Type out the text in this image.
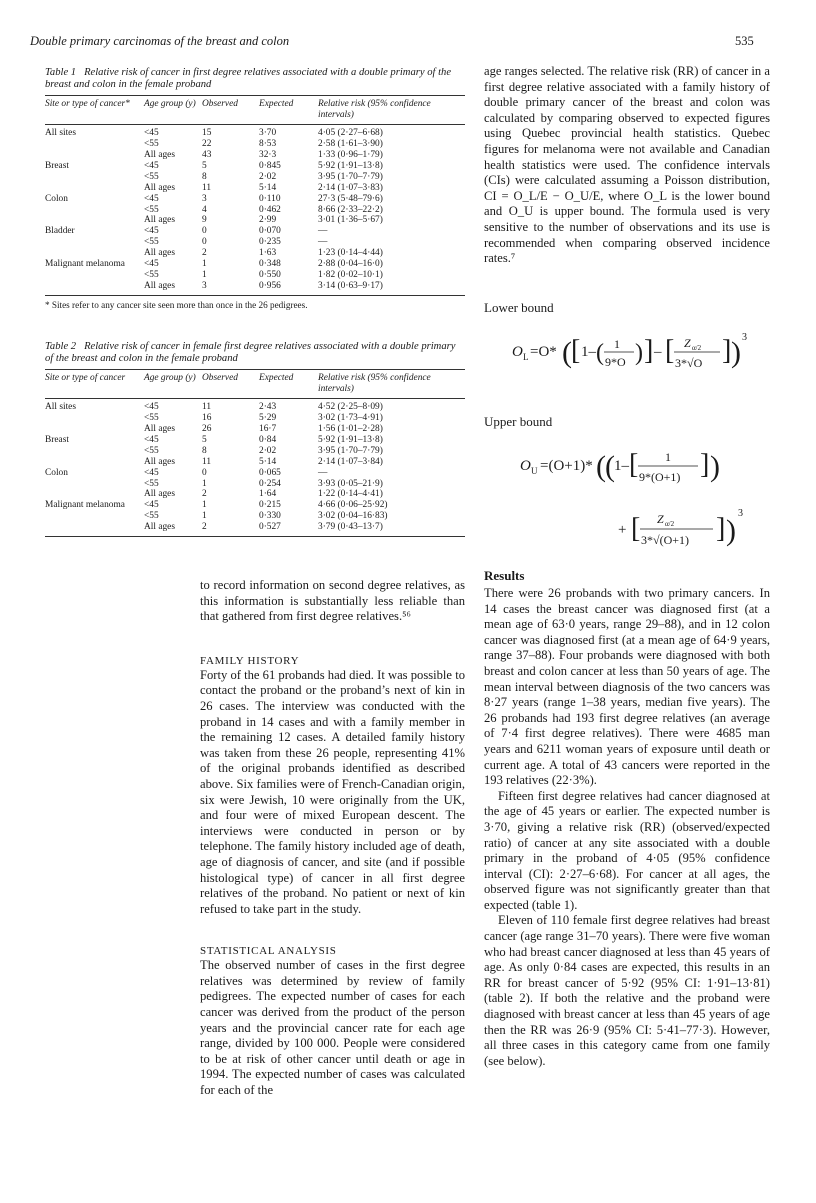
Double primary carcinomas of the breast and colon	535

Table 1 Relative risk of cancer in first degree relatives associated with a double primary of the breast and colon in the female proband

Site or type of cancer*	Age group (y)	Observed	Expected	Relative risk (95% confidence intervals)
All sites	<45	15	3·70	4·05 (2·27–6·68)
	<55	22	8·53	2·58 (1·61–3·90)
	All ages	43	32·3	1·33 (0·96–1·79)
Breast	<45	5	0·845	5·92 (1·91–13·8)
	<55	8	2·02	3·95 (1·70–7·79)
	All ages	11	5·14	2·14 (1·07–3·83)
Colon	<45	3	0·110	27·3 (5·48–79·6)
	<55	4	0·462	8·66 (2·33–22·2)
	All ages	9	2·99	3·01 (1·36–5·67)
Bladder	<45	0	0·070	—
	<55	0	0·235	—
	All ages	2	1·63	1·23 (0·14–4·44)
Malignant melanoma	<45	1	0·348	2·88 (0·04–16·0)
	<55	1	0·550	1·82 (0·02–10·1)
	All ages	3	0·956	3·14 (0·63–9·17)

* Sites refer to any cancer site seen more than once in the 26 pedigrees.

Table 2 Relative risk of cancer in female first degree relatives associated with a double primary of the breast and colon in the female proband

Site or type of cancer	Age group (y)	Observed	Expected	Relative risk (95% confidence intervals)
All sites	<45	11	2·43	4·52 (2·25–8·09)
	<55	16	5·29	3·02 (1·73–4·91)
	All ages	26	16·7	1·56 (1·01–2·28)
Breast	<45	5	0·84	5·92 (1·91–13·8)
	<55	8	2·02	3·95 (1·70–7·79)
	All ages	11	5·14	2·14 (1·07–3·84)
Colon	<45	0	0·065	—
	<55	1	0·254	3·93 (0·05–21·9)
	All ages	2	1·64	1·22 (0·14–4·41)
Malignant melanoma	<45	1	0·215	4·66 (0·06–25·92)
	<55	1	0·330	3·02 (0·04–16·83)
	All ages	2	0·527	3·79 (0·43–13·7)

to record information on second degree relatives, as this information is substantially less reliable than that gathered from first degree relatives.⁵⁶

FAMILY HISTORY

Forty of the 61 probands had died. It was possible to contact the proband or the proband’s next of kin in 26 cases. The interview was conducted with the proband in 14 cases and with a family member in the remaining 12 cases. A detailed family history was taken from these 26 people, representing 41% of the original probands identified as described above. Six families were of French-Canadian origin, six were Jewish, 10 were originally from the UK, and four were of mixed European descent. The interviews were conducted in person or by telephone. The family history included age of death, age of diagnosis of cancer, and site (and if possible histological type) of cancer in all first degree relatives of the proband. No patient or next of kin refused to take part in the study.

STATISTICAL ANALYSIS

The observed number of cases in the first degree relatives was determined by review of family pedigrees. The expected number of cases for each cancer was derived from the product of the person years and the provincial cancer rate for each age range, divided by 100 000. People were considered to be at risk of other cancer until death or age in 1994. The expected number of cases was calculated for each of the

age ranges selected. The relative risk (RR) of cancer in a first degree relative associated with a family history of double primary cancer of the breast and colon was calculated by comparing observed to expected figures using Quebec provincial health statistics. Quebec figures for melanoma were not available and Canadian health statistics were used. The confidence intervals (CIs) were calculated assuming a Poisson distribution, CI = O_L/E − O_U/E, where O_L is the lower bound and O_U is upper bound. The formula used is very sensitive to the number of observations and its use is recommended when comparing observed incidence rates.⁷

Lower bound
O L =O* ( [ 1– ( 1
9*O ) ] – [ Z α/2
3*√O ] ) 3
Upper bound
O U =(O+1)* ( ( 1– [ 1
9*(O+1) ] )
+ [ Z α/2
3*√(O+1) ] )
3

Results

There were 26 probands with two primary cancers. In 14 cases the breast cancer was diagnosed first (at a mean age of 63·0 years, range 29–88), and in 12 colon cancer was diagnosed first (at a mean age of 64·9 years, range 37–88). Four probands were diagnosed with both breast and colon cancer at less than 50 years of age. The mean interval between diagnosis of the two cancers was 8·27 years (range 1–38 years, median five years). The 26 probands had 193 first degree relatives (an average of 7·4 first degree relatives). There were 4685 man years and 6211 woman years of exposure until death or current age. A total of 43 cancers were reported in the 193 relatives (22·3%).

Fifteen first degree relatives had cancer diagnosed at the age of 45 years or earlier. The expected number is 3·70, giving a relative risk (RR) (observed/expected ratio) of cancer at any site associated with a double primary in the proband of 4·05 (95% confidence interval (CI): 2·27–6·68). For cancer at all ages, the observed figure was not significantly greater than that expected (table 1).

Eleven of 110 female first degree relatives had breast cancer (age range 31–70 years). There were five woman who had breast cancer diagnosed at less than 45 years of age. As only 0·84 cases are expected, this results in an RR for breast cancer of 5·92 (95% CI: 1·91–13·81) (table 2). If both the relative and the proband were diagnosed with breast cancer at less than 45 years of age then the RR was 26·9 (95% CI: 5·41–77·3). However, all three cases in this category came from one family (see below).
